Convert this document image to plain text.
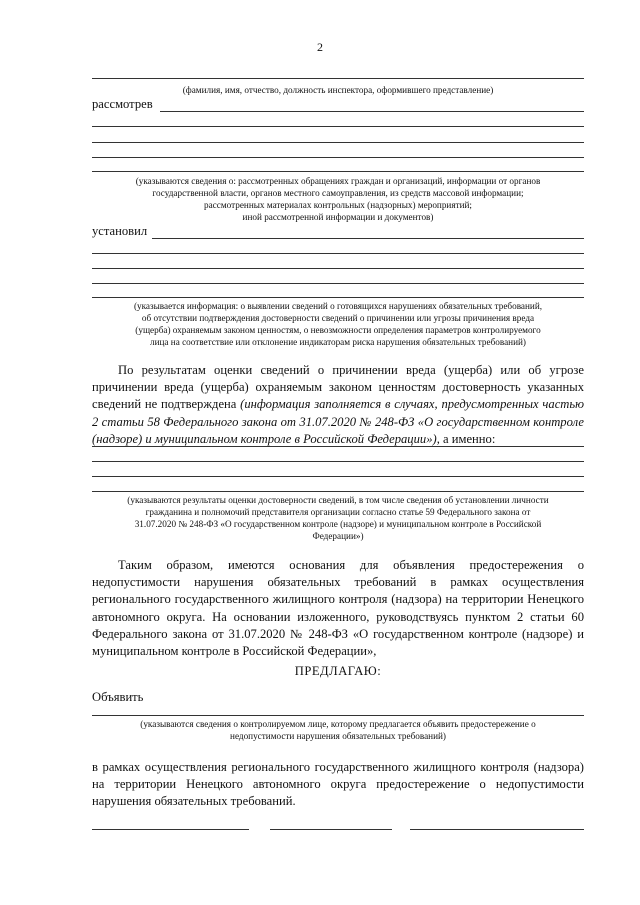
2
(фамилия, имя, отчество, должность инспектора, оформившего представление)
рассмотрев
(указываются сведения о: рассмотренных обращениях граждан и организаций, информации от органов
государственной власти, органов местного самоуправления, из средств массовой информации;
рассмотренных материалах контрольных (надзорных) мероприятий;
иной рассмотренной информации и документов)
установил
(указывается информация: о выявлении сведений о готовящихся нарушениях обязательных требований,
об отсутствии подтверждения достоверности сведений о причинении или угрозы причинения вреда
(ущерба) охраняемым законом ценностям, о невозможности определения параметров контролируемого
лица на соответствие или отклонение индикаторам риска нарушения обязательных требований)
По результатам оценки сведений о причинении вреда (ущерба) или об угрозе причинении вреда (ущерба) охраняемым законом ценностям достоверность указанных сведений не подтверждена (информация заполняется в случаях, предусмотренных частью 2 статьи 58 Федерального закона от 31.07.2020 № 248-ФЗ «О государственном контроле (надзоре) и муниципальном контроле в Российской Федерации»), а именно:
(указываются результаты оценки достоверности сведений, в том числе сведения об установлении личности
гражданина и полномочий представителя организации согласно статье 59 Федерального закона от
31.07.2020 № 248-ФЗ «О государственном контроле (надзоре) и муниципальном контроле в Российской
Федерации»)
Таким образом, имеются основания для объявления предостережения о недопустимости нарушения обязательных требований в рамках осуществления регионального государственного жилищного контроля (надзора) на территории Ненецкого автономного округа. На основании изложенного, руководствуясь пунктом 2 статьи 60 Федерального закона от 31.07.2020 № 248-ФЗ «О государственном контроле (надзоре) и муниципальном контроле в Российской Федерации»,
ПРЕДЛАГАЮ:
Объявить
(указываются сведения о контролируемом лице, которому предлагается объявить предостережение о
недопустимости нарушения обязательных требований)
в рамках осуществления регионального государственного жилищного контроля (надзора) на территории Ненецкого автономного округа предостережение о недопустимости нарушения обязательных требований.
